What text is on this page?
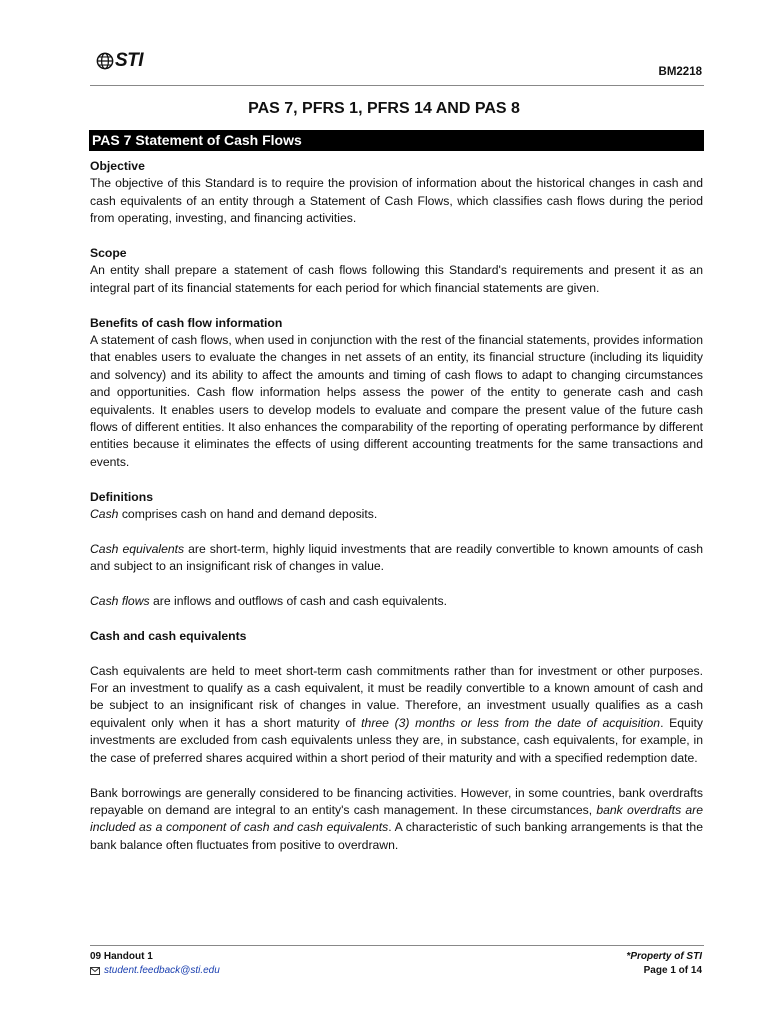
STI
BM2218
PAS 7, PFRS 1, PFRS 14 AND PAS 8
PAS 7 Statement of Cash Flows
Objective

The objective of this Standard is to require the provision of information about the historical changes in cash and cash equivalents of an entity through a Statement of Cash Flows, which classifies cash flows during the period from operating, investing, and financing activities.

Scope

An entity shall prepare a statement of cash flows following this Standard's requirements and present it as an integral part of its financial statements for each period for which financial statements are given.

Benefits of cash flow information

A statement of cash flows, when used in conjunction with the rest of the financial statements, provides information that enables users to evaluate the changes in net assets of an entity, its financial structure (including its liquidity and solvency) and its ability to affect the amounts and timing of cash flows to adapt to changing circumstances and opportunities. Cash flow information helps assess the power of the entity to generate cash and cash equivalents. It enables users to develop models to evaluate and compare the present value of the future cash flows of different entities. It also enhances the comparability of the reporting of operating performance by different entities because it eliminates the effects of using different accounting treatments for the same transactions and events.

Definitions

Cash comprises cash on hand and demand deposits.

Cash equivalents are short-term, highly liquid investments that are readily convertible to known amounts of cash and subject to an insignificant risk of changes in value.

Cash flows are inflows and outflows of cash and cash equivalents.

Cash and cash equivalents

Cash equivalents are held to meet short-term cash commitments rather than for investment or other purposes. For an investment to qualify as a cash equivalent, it must be readily convertible to a known amount of cash and be subject to an insignificant risk of changes in value. Therefore, an investment usually qualifies as a cash equivalent only when it has a short maturity of three (3) months or less from the date of acquisition. Equity investments are excluded from cash equivalents unless they are, in substance, cash equivalents, for example, in the case of preferred shares acquired within a short period of their maturity and with a specified redemption date.

Bank borrowings are generally considered to be financing activities. However, in some countries, bank overdrafts repayable on demand are integral to an entity's cash management. In these circumstances, bank overdrafts are included as a component of cash and cash equivalents. A characteristic of such banking arrangements is that the bank balance often fluctuates from positive to overdrawn.

09 Handout 1
student.feedback@sti.edu
*Property of STI
Page 1 of 14
